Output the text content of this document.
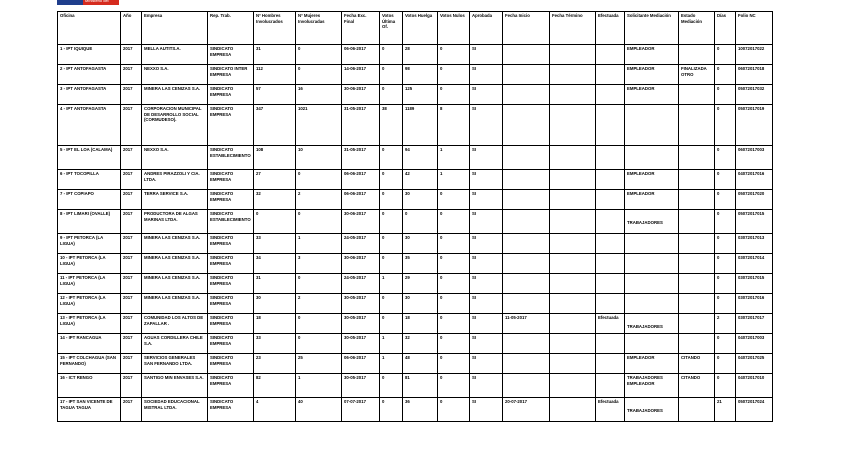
Ministerio del Trabajo
Oficina	Año	Empresa	Rep. Trab.	Nº Hombres Involucrados	Nº Mujeres Involucradas	Fecha Exc. Final	Votos Última Of.	Votos Huelga	Votos Nulos	Aprobada	Fecha Inicio	Fecha Término	Efectuada	Solicitante Mediación	Estado Mediación	Días	Folio NC
1 - IPT IQUIQUE	2017	MELLA AUTITS.A.	SINDICATO EMPRESA	31	0	06-06-2017	0	28	0	SI				EMPLEADOR		0	10072017022
2 - IPT ANTOFAGASTA	2017	NEXXO S.A.	SINDICATO INTER EMPRESA	112	0	14-06-2017	0	98	0	SI				EMPLEADOR	FINALIZADA OTRO	0	06072017018
3 - IPT ANTOFAGASTA	2017	MINERA LAS CENIZAS S.A.	SINDICATO EMPRESA	57	16	30-06-2017	0	125	0	SI				EMPLEADOR		0	05072017032
4 - IPT ANTOFAGASTA	2017	CORPORACION MUNICIPAL DE DESARROLLO SOCIAL (CORMUDESO).	SINDICATO EMPRESA	347	1021	31-05-2017	38	1189	8	SI						0	05072017019
5 - IPT EL LOA (CALAMA)	2017	NEXXO S.A.	SINDICATO ESTABLECIMIENTO	108	10	31-05-2017	0	94	1	SI						0	06072017003
6 - IPT TOCOPILLA	2017	ANDRES PIRAZZOLI Y CIA. LTDA.	SINDICATO EMPRESA	27	0	06-06-2017	0	42	1	SI				EMPLEADOR		0	04072017016
7 - IPT COPIAPO	2017	TERRA SERVICE S.A.	SINDICATO EMPRESA	32	2	06-06-2017	0	30	0	SI				EMPLEADOR		0	05072017020
8 - IPT LIMARI (OVALLE)	2017	PRODUCTORA DE ALGAS MARINAS LTDA.	SINDICATO ESTABLECIMIENTO	0	0	30-06-2017	0	0	0	SI				TRABAJADORES		0	05072017015
9 - IPT PETORCA (LA LIGUA)	2017	MINERA LAS CENIZAS S.A.	SINDICATO EMPRESA	33	1	24-05-2017	0	30	0	SI						0	03072017013
10 - IPT PETORCA (LA LIGUA)	2017	MINERA LAS CENIZAS S.A.	SINDICATO EMPRESA	34	3	30-06-2017	0	35	0	SI						0	03072017014
11 - IPT PETORCA (LA LIGUA)	2017	MINERA LAS CENIZAS S.A.	SINDICATO EMPRESA	31	0	24-05-2017	1	29	0	SI						0	03072017015
12 - IPT PETORCA (LA LIGUA)	2017	MINERA LAS CENIZAS S.A.	SINDICATO EMPRESA	30	2	30-05-2017	0	30	0	SI						0	03072017016
13 - IPT PETORCA (LA LIGUA)	2017	COMUNIDAD LOS ALTOS DE ZAPALLAR .	SINDICATO EMPRESA	18	0	30-05-2017	0	18	0	SI	11-05-2017		Efectuada	TRABAJADORES		2	03072017017
14 - IPT RANCAGUA	2017	AGUAS CORDILLERA CHILE S.A.	SINDICATO EMPRESA	33	0	30-05-2017	1	32	0	SI						0	04072017003
15 - IPT COLCHAGUA (SAN FERNANDO)	2017	SERVICIOS GENERALES SAN FERNANDO LTDA.	SINDICATO EMPRESA	23	25	06-06-2017	1	48	0	SI				EMPLEADOR	CITANDO	0	04072017025
16 - ICT RENGO	2017	SANTIGO MIN ENVASES S.A.	SINDICATO EMPRESA	82	1	30-05-2017	0	81	0	SI				TRABAJADORES EMPLEADOR	CITANDO	0	04072017010
17 - IPT SAN VICENTE DE TAGUA TAGUA	2017	SOCIEDAD EDUCACIONAL MISTRAL LTDA.	SINDICATO EMPRESA	4	40	07-07-2017	0	36	0	SI	20-07-2017		Efectuada	TRABAJADORES		21	05072017024
